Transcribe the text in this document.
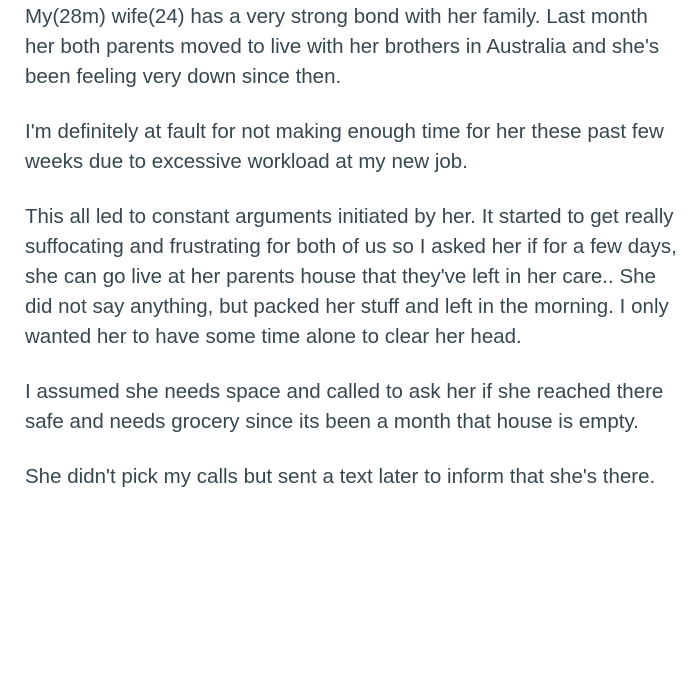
My(28m) wife(24) has a very strong bond with her family. Last month her both parents moved to live with her brothers in Australia and she's been feeling very down since then.

I'm definitely at fault for not making enough time for her these past few weeks due to excessive workload at my new job.

This all led to constant arguments initiated by her. It started to get really suffocating and frustrating for both of us so I asked her if for a few days, she can go live at her parents house that they've left in her care.. She did not say anything, but packed her stuff and left in the morning. I only wanted her to have some time alone to clear her head.

I assumed she needs space and called to ask her if she reached there safe and needs grocery since its been a month that house is empty.

She didn't pick my calls but sent a text later to inform that she's there.
